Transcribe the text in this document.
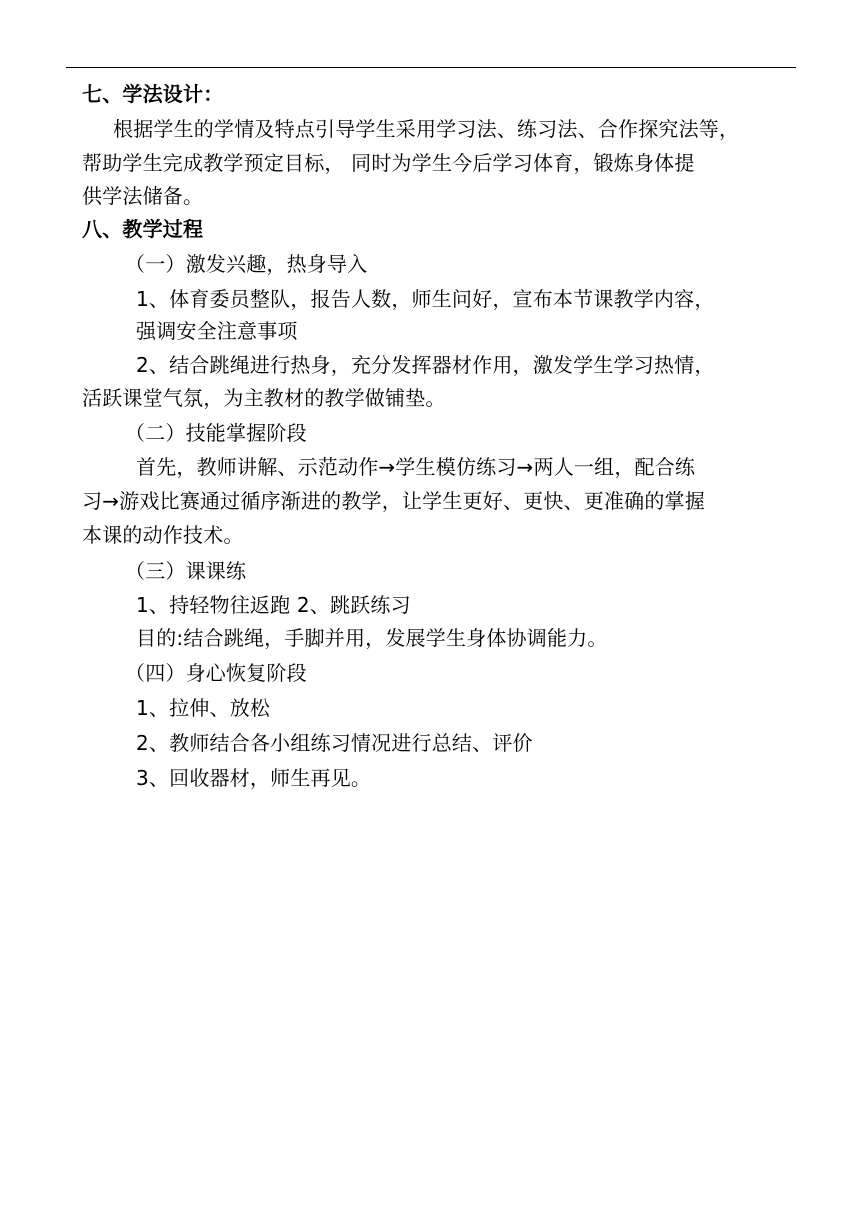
七、学法设计：
根据学生的学情及特点引导学生采用学习法、练习法、合作探究法等，
帮助学生完成教学预定目标， 同时为学生今后学习体育，锻炼身体提
供学法储备。
八、教学过程
（一）激发兴趣，热身导入
1、体育委员整队，报告人数，师生问好，宣布本节课教学内容，
强调安全注意事项
2、结合跳绳进行热身，充分发挥器材作用，激发学生学习热情，
活跃课堂气氛，为主教材的教学做铺垫。
（二）技能掌握阶段
首先，教师讲解、示范动作→学生模仿练习→两人一组，配合练
习→游戏比赛通过循序渐进的教学，让学生更好、更快、更准确的掌握
本课的动作技术。
（三）课课练
1、持轻物往返跑 2、跳跃练习
目的:结合跳绳，手脚并用，发展学生身体协调能力。
（四）身心恢复阶段
1、拉伸、放松
2、教师结合各小组练习情况进行总结、评价
3、回收器材，师生再见。
